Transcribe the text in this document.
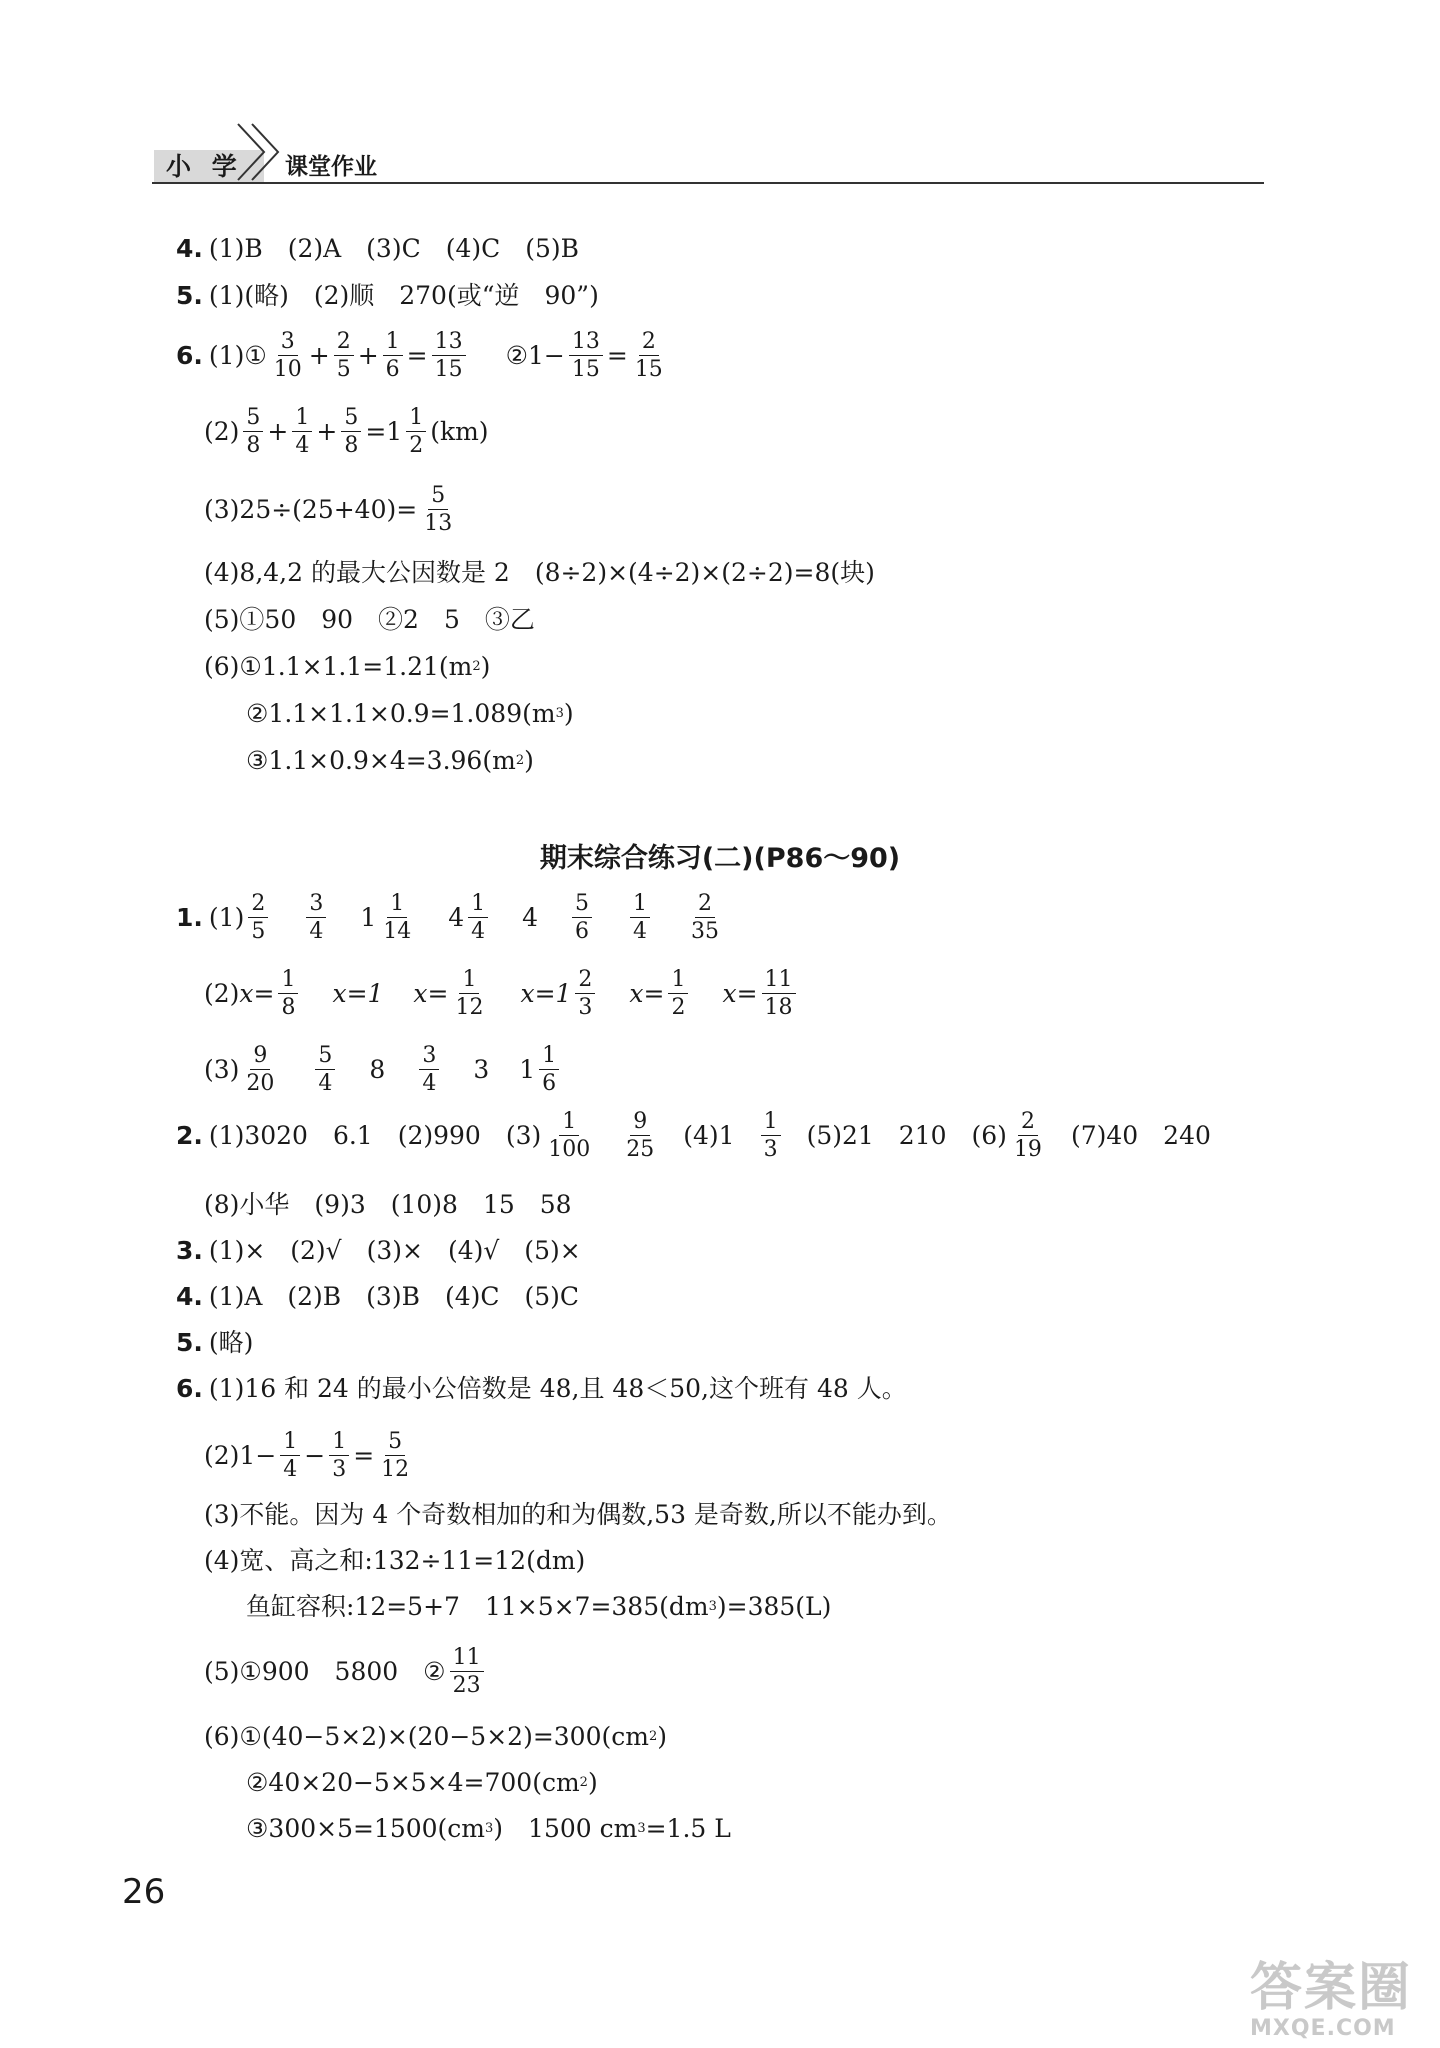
小 学 课堂作业
4. (1)B　(2)A　(3)C　(4)C　(5)B
5. (1)(略)　(2)顺　270(或“逆　90”)
6. (1)① $\frac{3}{10} + \frac{2}{5} + \frac{1}{6} = \frac{13}{15}$ ②1− $\frac{13}{15} = \frac{2}{15}$
$(2) \frac{5}{8} + \frac{1}{4} + \frac{5}{8} =1 \frac{1}{2} (km)$
$(3)25\div(25+40)= \frac{5}{13}$
(4)8,4,2 的最大公因数是 2　(8÷2)×(4÷2)×(2÷2)=8(块)
(5)①50　90　②2　5　③乙
(6)①1.1×1.1=1.21(m 2 )
②1.1×1.1×0.9=1.089(m 3 )
③1.1×0.9×4=3.96(m 2 )
期末综合练习(二)(P86～90)
1. $(1) \frac{2}{5} \frac{3}{4} 1 \frac{1}{14} 4 \frac{1}{4} 4 \frac{5}{6} \frac{1}{4} \frac{2}{35}$
(2) $x= \frac{1}{8} x=1$ $x= \frac{1}{12} x=1 \frac{2}{3} x= \frac{1}{2} x= \frac{11}{18}$
$(3) \frac{9}{20} \frac{5}{4} 8 \frac{3}{4} 3$ $1 \frac{1}{6}$
2. (1)3020　6.1　(2)990　$(3) \frac{1}{100} \frac{9}{25} (4)1 \frac{1}{3} (5)21$　210　$(6) \frac{2}{19} (7)40$　240
(8)小华　(9)3　(10)8　15　58
3. (1)×　(2)√　(3)×　(4)√　(5)×
4. (1)A　(2)B　(3)B　(4)C　(5)C
5. (略)
6. (1)16 和 24 的最小公倍数是 48,且 48＜50,这个班有 48 人。
$(2)1- \frac{1}{4} - \frac{1}{3} = \frac{5}{12}$
(3)不能。因为 4 个奇数相加的和为偶数,53 是奇数,所以不能办到。
(4)宽、高之和:132÷11=12(dm)
鱼缸容积:12=5+7　11×5×7=385(dm 3 )=385(L)
(5)①900　5800　② $\frac{11}{23}$
(6)①(40−5×2)×(20−5×2)=300(cm 2 )
②40×20−5×5×4=700(cm 2 )
③300×5=1500(cm 3 )　1500 cm 3 =1.5 L
26
答案圈
MXQE.COM
